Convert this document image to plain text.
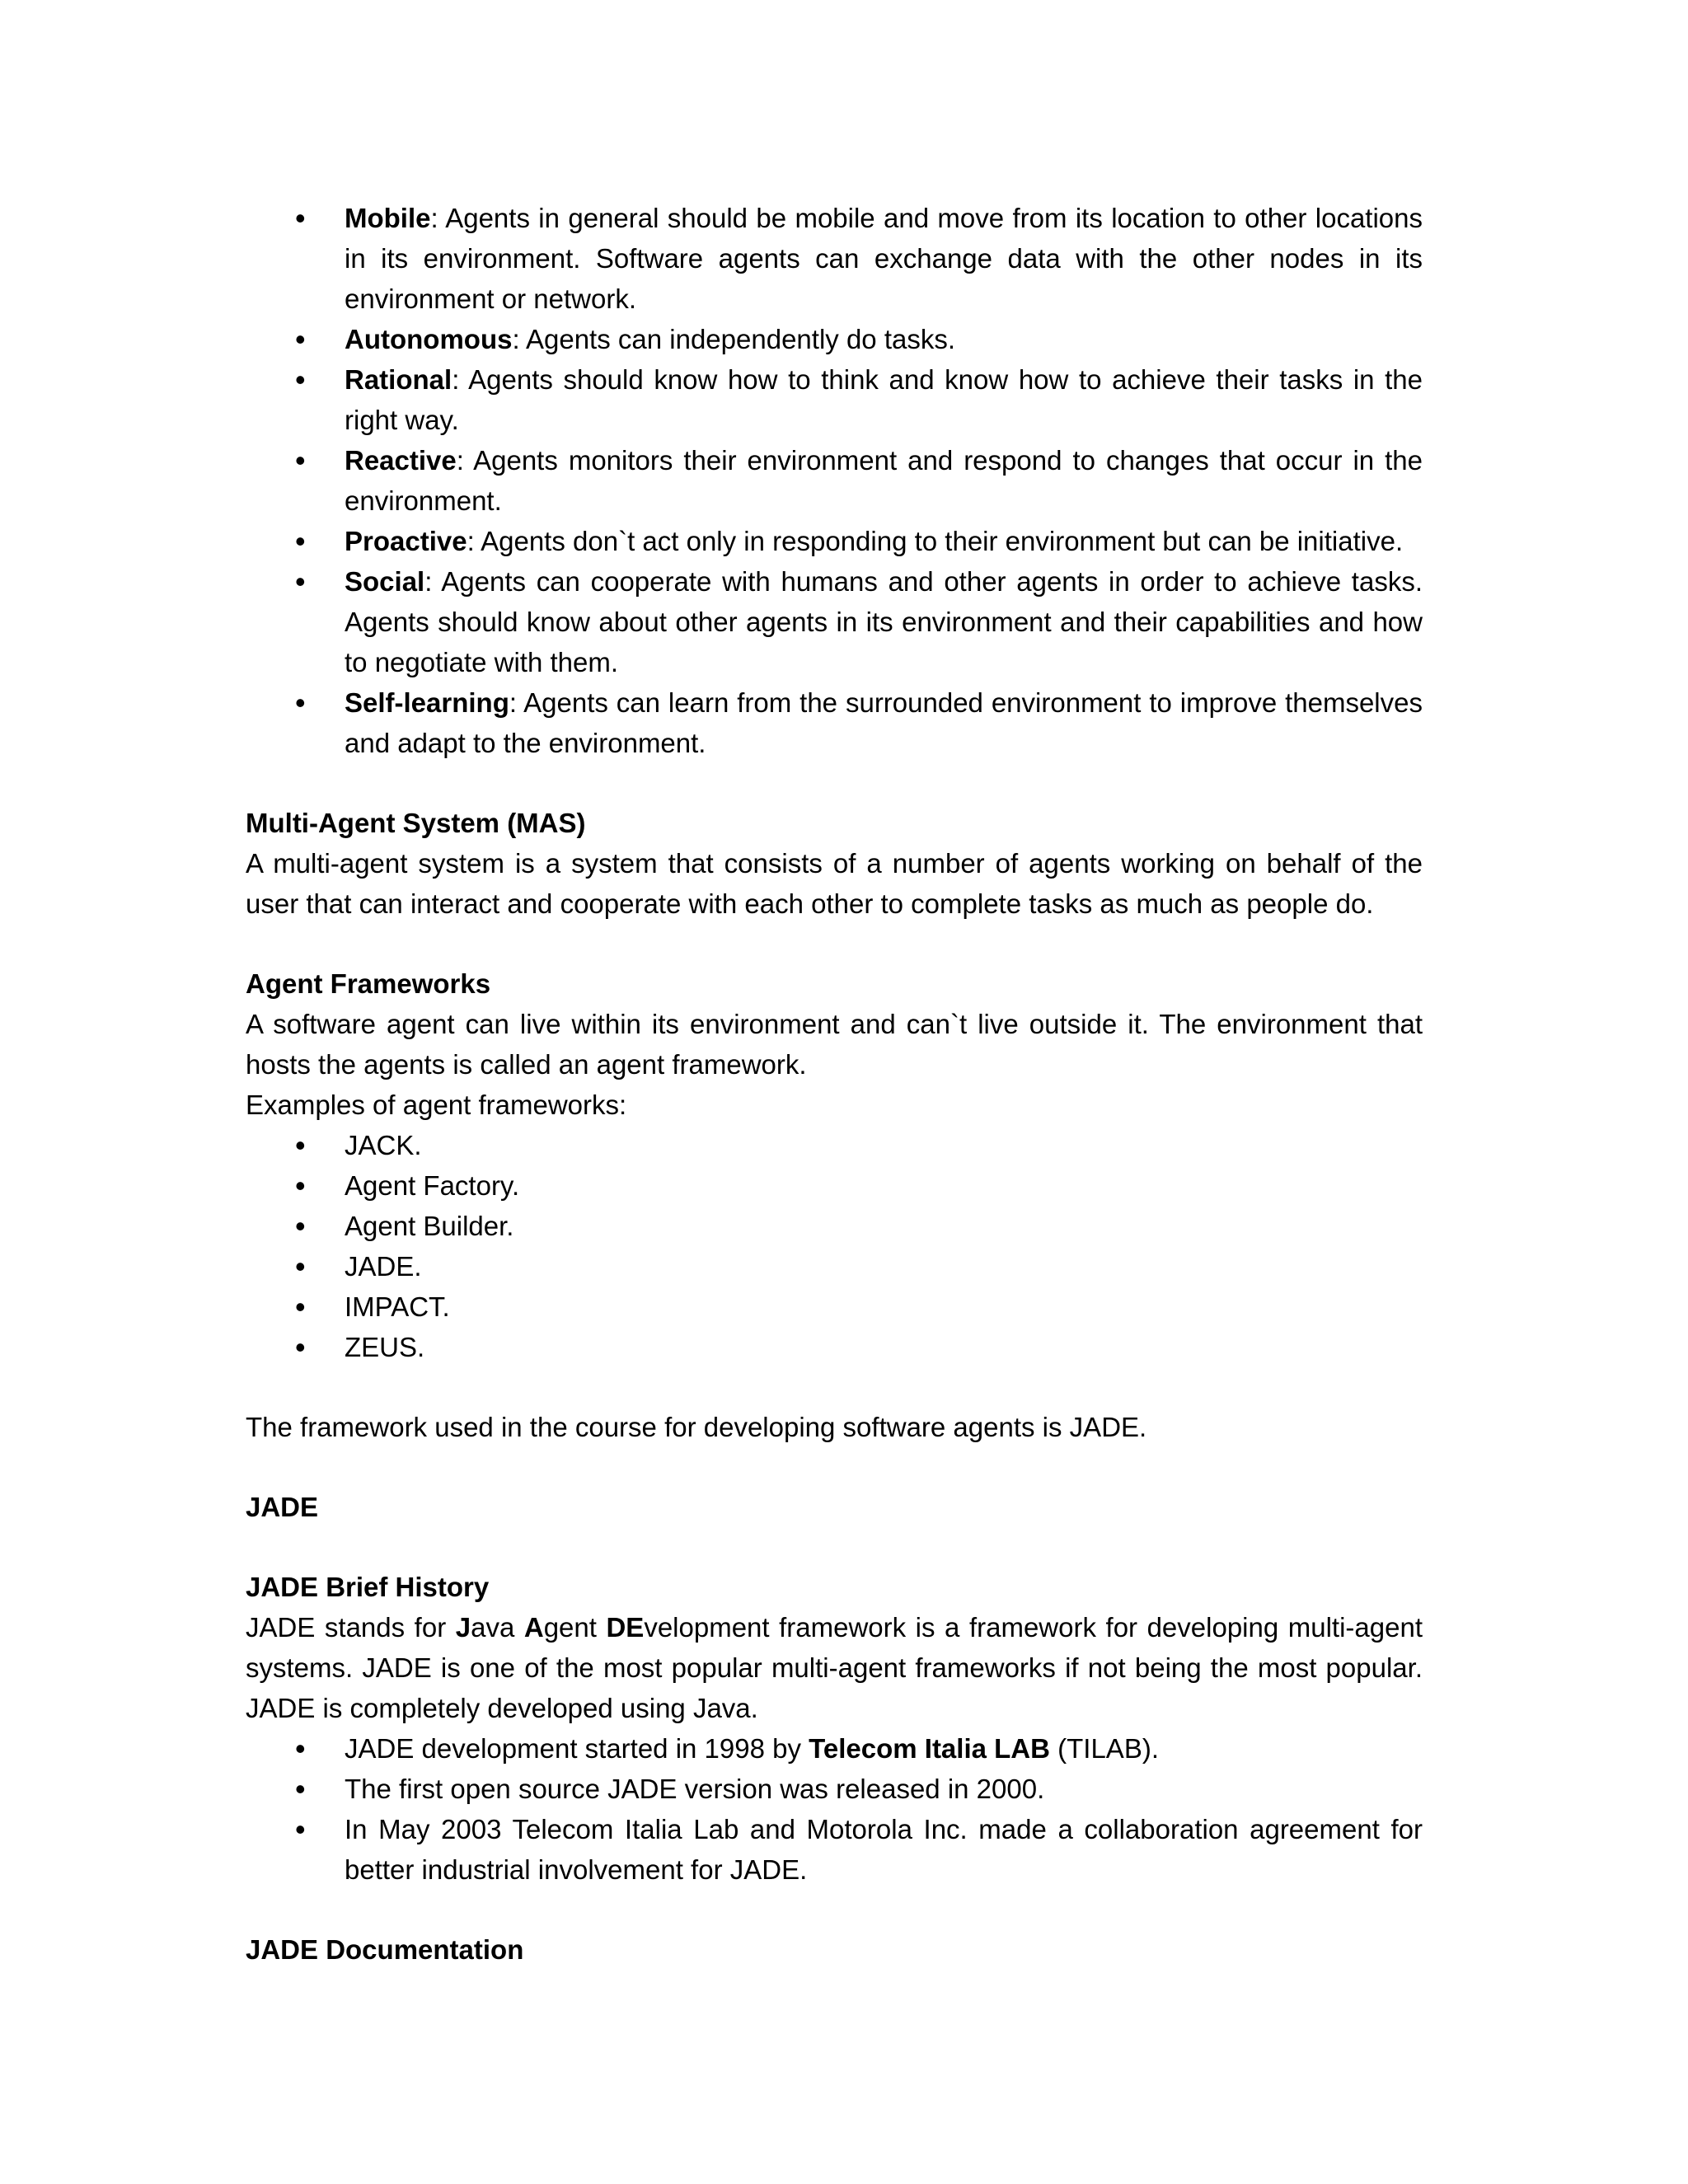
• Mobile: Agents in general should be mobile and move from its location to other locations in its environment. Software agents can exchange data with the other nodes in its environment or network.
• Autonomous: Agents can independently do tasks.
• Rational: Agents should know how to think and know how to achieve their tasks in the right way.
• Reactive: Agents monitors their environment and respond to changes that occur in the environment.
• Proactive: Agents don`t act only in responding to their environment but can be initiative.
• Social: Agents can cooperate with humans and other agents in order to achieve tasks. Agents should know about other agents in its environment and their capabilities and how to negotiate with them.
• Self-learning: Agents can learn from the surrounded environment to improve themselves and adapt to the environment.
Multi-Agent System (MAS)

A multi-agent system is a system that consists of a number of agents working on behalf of the user that can interact and cooperate with each other to complete tasks as much as people do.

Agent Frameworks

A software agent can live within its environment and can`t live outside it. The environment that hosts the agents is called an agent framework.

Examples of agent frameworks:

• JACK.
• Agent Factory.
• Agent Builder.
• JADE.
• IMPACT.
• ZEUS.

The framework used in the course for developing software agents is JADE.

JADE
JADE Brief History

JADE stands for Java Agent DEvelopment framework is a framework for developing multi-agent systems. JADE is one of the most popular multi-agent frameworks if not being the most popular. JADE is completely developed using Java.

• JADE development started in 1998 by Telecom Italia LAB (TILAB).
• The first open source JADE version was released in 2000.
• In May 2003 Telecom Italia Lab and Motorola Inc. made a collaboration agreement for better industrial involvement for JADE.
JADE Documentation
